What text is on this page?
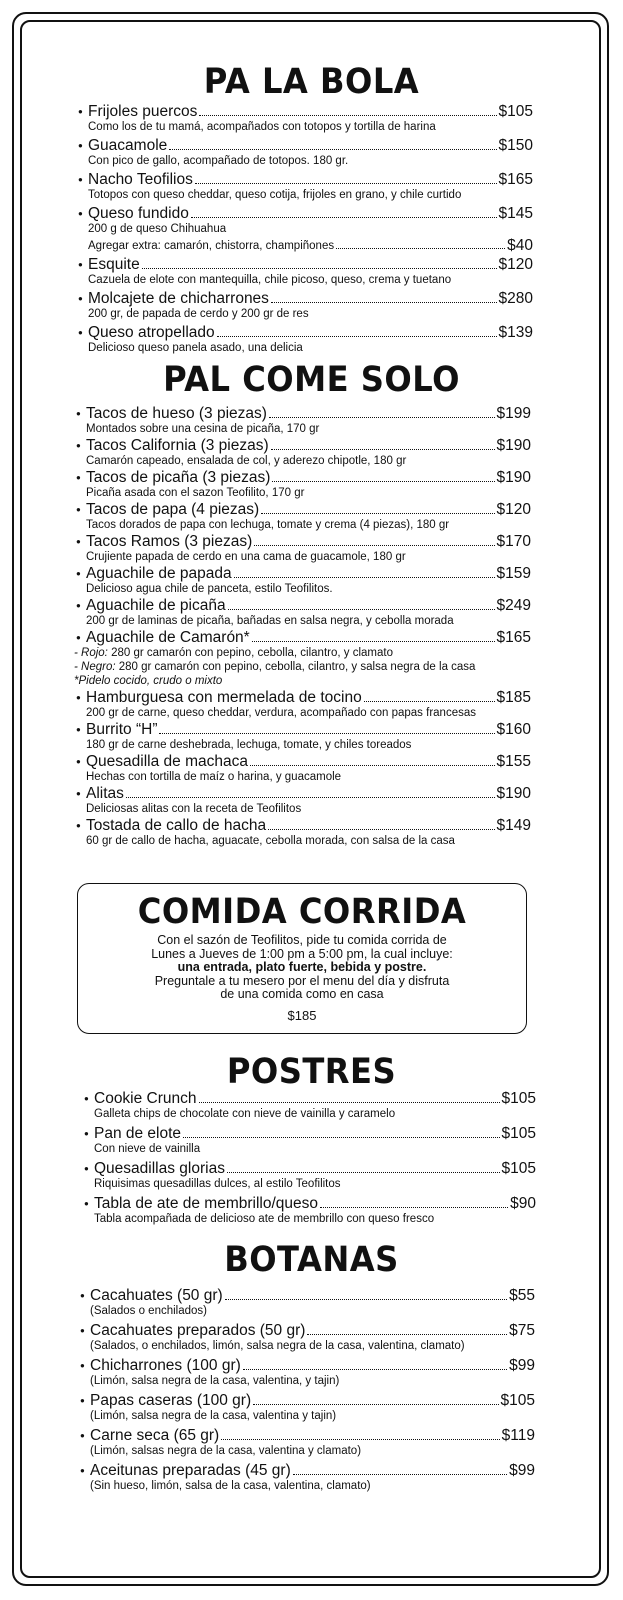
PA LA BOLA
● Frijoles puercos	$105
Como los de tu mamá, acompañados con totopos y tortilla de harina
● Guacamole	$150
Con pico de gallo, acompañado de totopos. 180 gr.
● Nacho Teofilios	$165
Totopos con queso cheddar, queso cotija, frijoles en grano, y chile curtido
● Queso fundido	$145
200 g de queso Chihuahua
Agregar extra: camarón, chistorra, champiñones	$40
● Esquite	$120
Cazuela de elote con mantequilla, chile picoso, queso, crema y tuetano
● Molcajete de chicharrones	$280
200 gr, de papada de cerdo y 200 gr de res
● Queso atropellado	$139
Delicioso queso panela asado, una delicia
PAL COME SOLO
● Tacos de hueso (3 piezas)	$199
Montados sobre una cesina de picaña, 170 gr
● Tacos California (3 piezas)	$190
Camarón capeado, ensalada de col, y aderezo chipotle, 180 gr
● Tacos de picaña (3 piezas)	$190
Picaña asada con el sazon Teofilito, 170 gr
● Tacos de papa (4 piezas)	$120
Tacos dorados de papa con lechuga, tomate y crema (4 piezas), 180 gr
● Tacos Ramos (3 piezas)	$170
Crujiente papada de cerdo en una cama de guacamole, 180 gr
● Aguachile de papada	$159
Delicioso agua chile de panceta, estilo Teofilitos.
● Aguachile de picaña	$249
200 gr de laminas de picaña, bañadas en salsa negra, y cebolla morada
● Aguachile de Camarón*	$165
- Rojo: 280 gr camarón con pepino, cebolla, cilantro, y clamato
- Negro: 280 gr camarón con pepino, cebolla, cilantro, y salsa negra de la casa
*Pidelo cocido, crudo o mixto
● Hamburguesa con mermelada de tocino	$185
200 gr de carne, queso cheddar, verdura, acompañado con papas francesas
● Burrito “H”	$160
180 gr de carne deshebrada, lechuga, tomate, y chiles toreados
● Quesadilla de machaca	$155
Hechas con tortilla de maíz o harina, y guacamole
● Alitas	$190
Deliciosas alitas con la receta de Teofilitos
● Tostada de callo de hacha	$149
60 gr de callo de hacha, aguacate, cebolla morada, con salsa de la casa
COMIDA CORRIDA
Con el sazón de Teofilitos, pide tu comida corrida de
Lunes a Jueves de 1:00 pm a 5:00 pm, la cual incluye:
una entrada, plato fuerte, bebida y postre.
Preguntale a tu mesero por el menu del día y disfruta
de una comida como en casa
$185
POSTRES
● Cookie Crunch	$105
Galleta chips de chocolate con nieve de vainilla y caramelo
● Pan de elote	$105
Con nieve de vainilla
● Quesadillas glorias	$105
Riquisimas quesadillas dulces, al estilo Teofilitos
● Tabla de ate de membrillo/queso	$90
Tabla acompañada de delicioso ate de membrillo con queso fresco
BOTANAS
● Cacahuates (50 gr)	$55
(Salados o enchilados)
● Cacahuates preparados (50 gr)	$75
(Salados, o enchilados, limón, salsa negra de la casa, valentina, clamato)
● Chicharrones (100 gr)	$99
(Limón, salsa negra de la casa, valentina, y tajin)
● Papas caseras (100 gr)	$105
(Limón, salsa negra de la casa, valentina y tajin)
● Carne seca (65 gr)	$119
(Limón, salsas negra de la casa, valentina y clamato)
● Aceitunas preparadas (45 gr)	$99
(Sin hueso, limón, salsa de la casa, valentina, clamato)
